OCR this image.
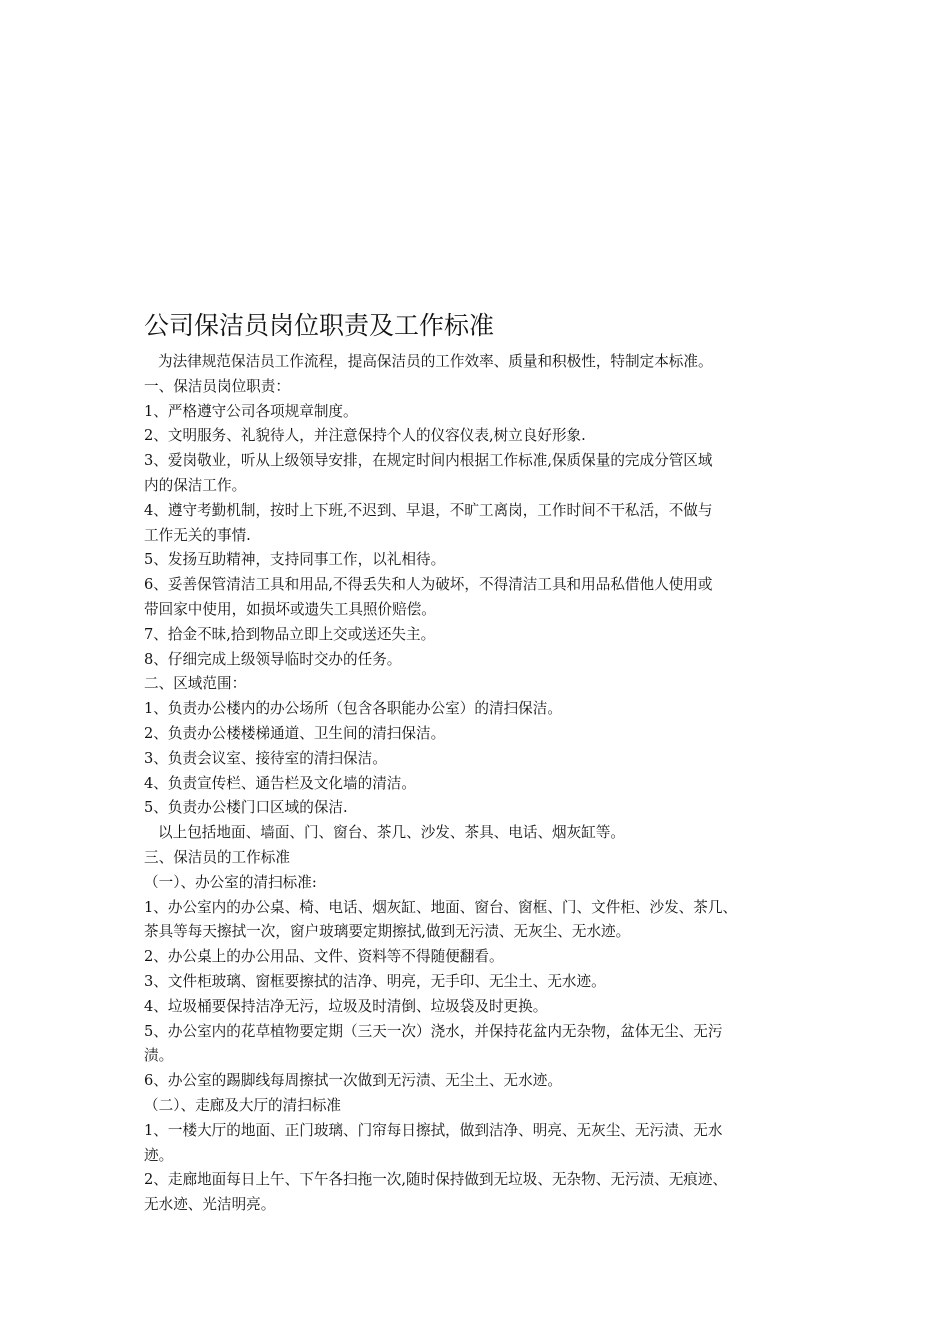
公司保洁员岗位职责及工作标准
为法律规范保洁员工作流程，提高保洁员的工作效率、质量和积极性，特制定本标准。
一、保洁员岗位职责：
1、严格遵守公司各项规章制度。
2、文明服务、礼貌待人，并注意保持个人的仪容仪表,树立良好形象.
3、爱岗敬业，听从上级领导安排，在规定时间内根据工作标准,保质保量的完成分管区域
内的保洁工作。
4、遵守考勤机制，按时上下班,不迟到、早退，不旷工离岗，工作时间不干私活，不做与
工作无关的事情.
5、发扬互助精神，支持同事工作，以礼相待。
6、妥善保管清洁工具和用品,不得丢失和人为破坏，不得清洁工具和用品私借他人使用或
带回家中使用，如损坏或遗失工具照价赔偿。
7、拾金不昧,拾到物品立即上交或送还失主。
8、仔细完成上级领导临时交办的任务。
二、区域范围：
1、负责办公楼内的办公场所（包含各职能办公室）的清扫保洁。
2、负责办公楼楼梯通道、卫生间的清扫保洁。
3、负责会议室、接待室的清扫保洁。
4、负责宣传栏、通告栏及文化墙的清洁。
5、负责办公楼门口区域的保洁.
以上包括地面、墙面、门、窗台、茶几、沙发、茶具、电话、烟灰缸等。
三、保洁员的工作标准
（一）、办公室的清扫标准:
1、办公室内的办公桌、椅、电话、烟灰缸、地面、窗台、窗框、门、文件柜、沙发、茶几、
茶具等每天擦拭一次，窗户玻璃要定期擦拭,做到无污渍、无灰尘、无水迹。
2、办公桌上的办公用品、文件、资料等不得随便翻看。
3、文件柜玻璃、窗框要擦拭的洁净、明亮，无手印、无尘土、无水迹。
4、垃圾桶要保持洁净无污，垃圾及时清倒、垃圾袋及时更换。
5、办公室内的花草植物要定期（三天一次）浇水，并保持花盆内无杂物，盆体无尘、无污
渍。
6、办公室的踢脚线每周擦拭一次做到无污渍、无尘土、无水迹。
（二）、走廊及大厅的清扫标准
1、一楼大厅的地面、正门玻璃、门帘每日擦拭，做到洁净、明亮、无灰尘、无污渍、无水
迹。
2、走廊地面每日上午、下午各扫拖一次,随时保持做到无垃圾、无杂物、无污渍、无痕迹、
无水迹、光洁明亮。
